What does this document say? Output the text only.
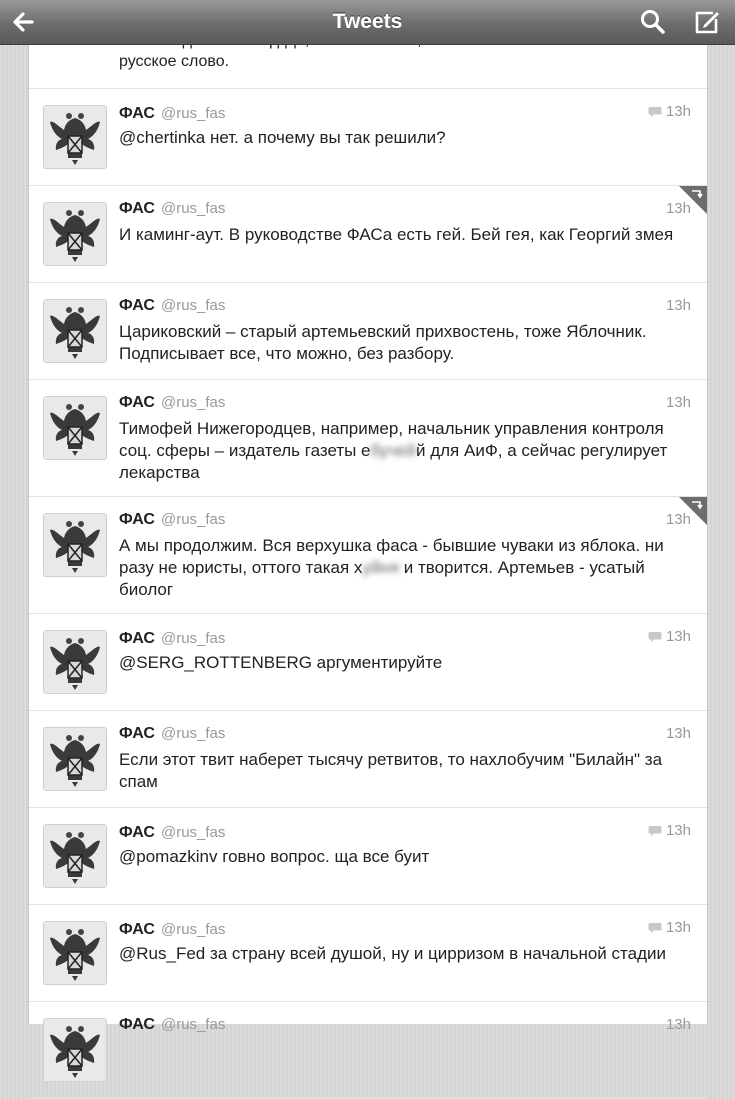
Tweets
русское слово.
ФАС @rus_fas	13h
@chertinka нет. а почему вы так решили?
ФАС @rus_fas	13h
И каминг-аут. В руководстве ФАСа есть гей. Бей гея, как Георгий змея
ФАС @rus_fas	13h
Цариковский – старый артемьевский прихвостень, тоже Яблочник. Подписывает все, что можно, без разбору.
ФАС @rus_fas	13h
Тимофей Нижегородцев, например, начальник управления контроля соц. сферы – издатель газеты ебучейй для АиФ, а сейчас регулирует лекарства
ФАС @rus_fas	13h
А мы продолжим. Вся верхушка фаса - бывшие чуваки из яблока. ни разу не юристы, оттого такая хуйня и творится. Артемьев - усатый биолог
ФАС @rus_fas	13h
@SERG_ROTTENBERG аргументируйте
ФАС @rus_fas	13h
Если этот твит наберет тысячу ретвитов, то нахлобучим "Билайн" за спам
ФАС @rus_fas	13h
@pomazkinv говно вопрос. ща все буит
ФАС @rus_fas	13h
@Rus_Fed за страну всей душой, ну и цирризом в начальной стадии
ФАС @rus_fas	13h
